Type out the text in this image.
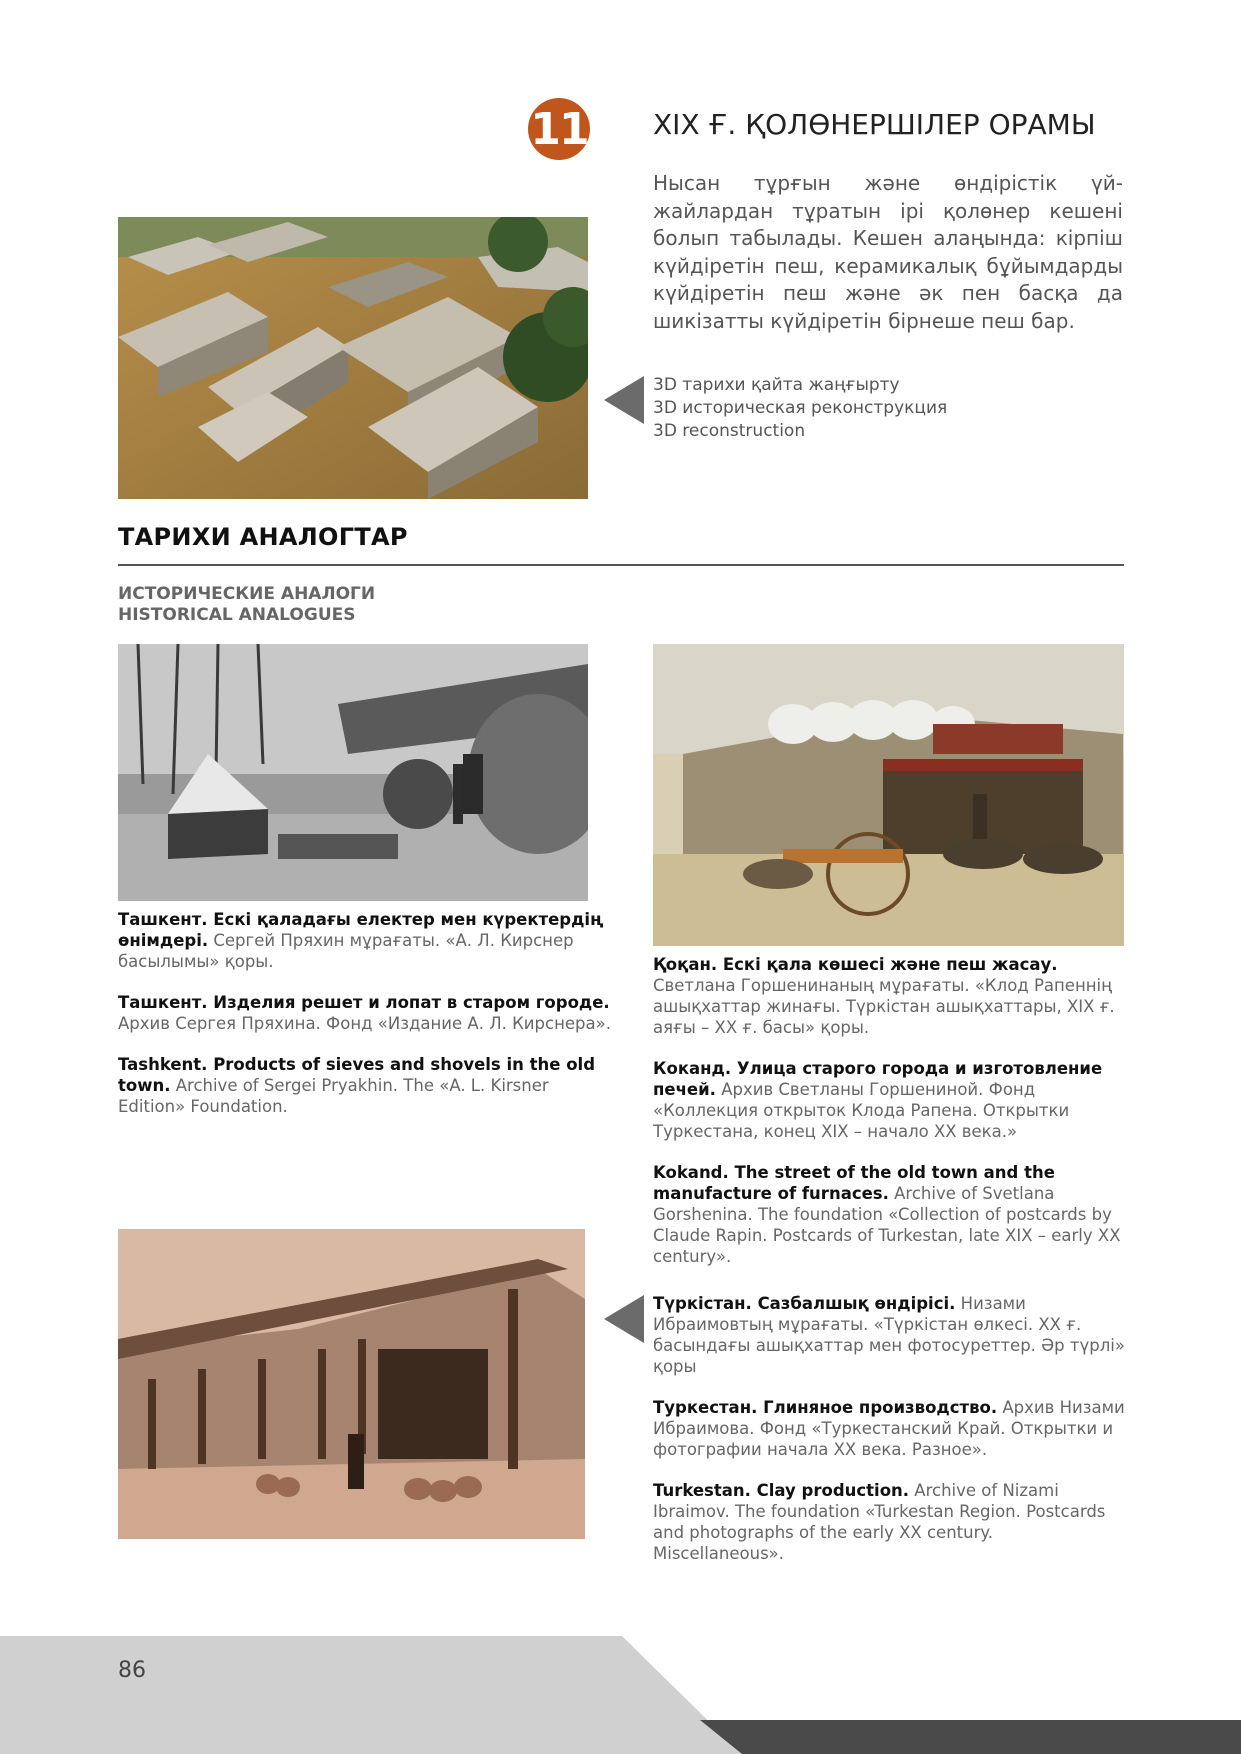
11 XIX Ғ. ҚОЛӨНЕРШІЛЕР ОРАМЫ

Нысан тұрғын және өндірістік үй-жайлардан тұратын ірі қолөнер кешені болып табылады. Кешен алаңында: кірпіш күйдіретін пеш, керамикалық бұйымдарды күйдіретін пеш және әк пен басқа да шикізатты күйдіретін бірнеше пеш бар.

3D тарихи қайта жаңғырту
3D историческая реконструкция
3D reconstruction
ТАРИХИ АНАЛОГТАР
ИСТОРИЧЕСКИЕ АНАЛОГИ
HISTORICAL ANALOGUES

Ташкент. Ескі қаладағы електер мен күректердің өнімдері. Сергей Пряхин мұрағаты. «А. Л. Кирснер басылымы» қоры.

Ташкент. Изделия решет и лопат в старом городе. Архив Сергея Пряхина. Фонд «Издание А. Л. Кирснера».

Tashkent. Products of sieves and shovels in the old town. Archive of Sergei Pryakhin. The «A. L. Kirsner Edition» Foundation.

Қоқан. Ескі қала көшесі және пеш жасау. Светлана Горшенинаның мұрағаты. «Клод Рапеннің ашықхаттар жинағы. Түркістан ашықхаттары, XIX ғ. аяғы – XX ғ. басы» қоры.

Коканд. Улица старого города и изготовление печей. Архив Светланы Горшениной. Фонд «Коллекция открыток Клода Рапена. Открытки Туркестана, конец XIX – начало XX века.»

Kokand. The street of the old town and the manufacture of furnaces. Archive of Svetlana Gorshenina. The foundation «Collection of postcards by Claude Rapin. Postcards of Turkestan, late XIX – early XX century».

Түркістан. Сазбалшық өндірісі. Низами Ибраимовтың мұрағаты. «Түркістан өлкесі. XX ғ. басындағы ашықхаттар мен фотосуреттер. Әр түрлі» қоры

Туркестан. Глиняное производство. Архив Низами Ибраимова. Фонд «Туркестанский Край. Открытки и фотографии начала XX века. Разное».

Turkestan. Clay production. Archive of Nizami Ibraimov. The foundation «Turkestan Region. Postcards and photographs of the early XX century. Miscellaneous».

86
